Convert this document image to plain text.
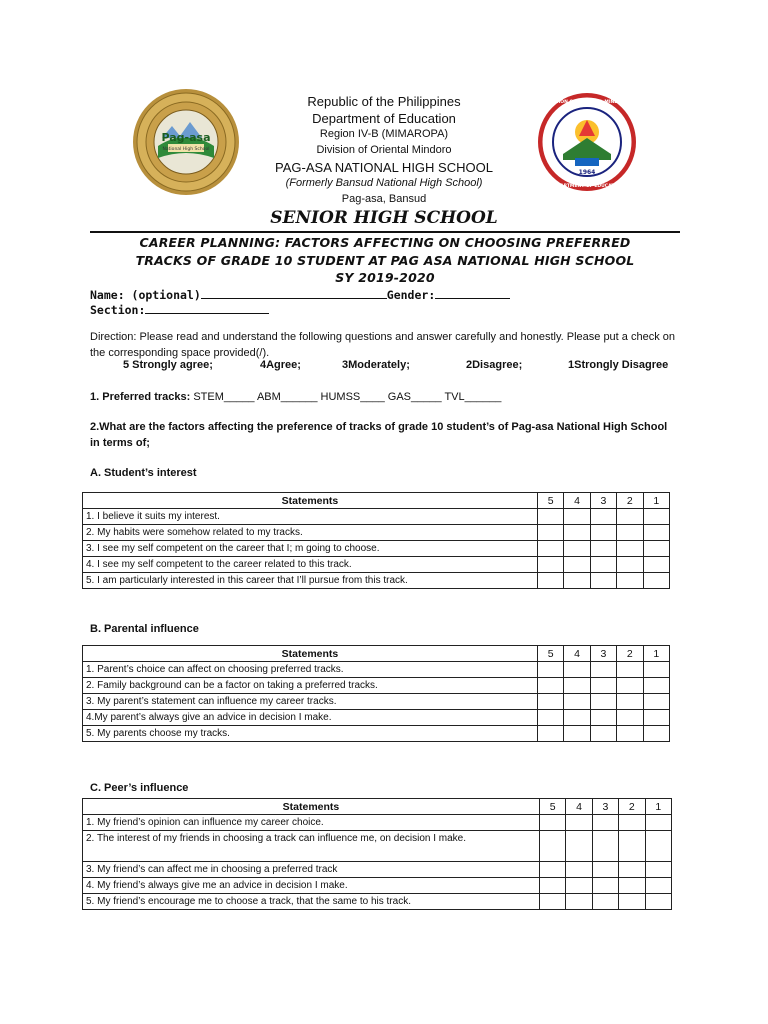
Pag-asa
National High School
1964
DIVISION OF ORIENTAL MINDORO
DEPARTMENT OF EDUCATION
Republic of the Philippines
Department of Education
Region IV-B (MIMAROPA)
Division of Oriental Mindoro
PAG-ASA NATIONAL HIGH SCHOOL
(Formerly Bansud National High School)
Pag-asa, Bansud
SENIOR HIGH SCHOOL
CAREER PLANNING: FACTORS AFFECTING ON CHOOSING PREFERRED
TRACKS OF GRADE 10 STUDENT AT PAG ASA NATIONAL HIGH SCHOOL
SY 2019-2020
Name: (optional)	Gender:
Section:
Direction: Please read and understand the following questions and answer carefully and honestly. Please put a check on the corresponding space provided(/).
5 Strongly agree;	4Agree;	3Moderately;	2Disagree;	1Strongly Disagree
1. Preferred tracks: STEM_____ ABM______ HUMSS____ GAS_____ TVL______
2.What are the factors affecting the preference of tracks of grade 10 student’s of Pag-asa National High School in terms of;
A. Student’s interest
Statements	5	4	3	2	1
1. I believe it suits my interest.					
2. My habits were somehow related to my tracks.					
3. I see my self competent on the career that I; m going to choose.					
4. I see my self competent to the career related to this track.					
5. I am particularly interested in this career that I’ll pursue from this track.					
B. Parental influence
Statements	5	4	3	2	1
1. Parent’s choice can affect on choosing preferred tracks.					
2. Family background can be a factor on taking a preferred tracks.					
3. My parent’s statement can influence my career tracks.					
4.My parent’s always give an advice in decision I make.					
5. My parents choose my tracks.					
C. Peer’s influence
Statements	5	4	3	2	1
1. My friend’s opinion can influence my career choice.					
2. The interest of my friends in choosing a track can influence me, on decision I make.					
3. My friend’s can affect me in choosing a preferred track					
4. My friend’s always give me an advice in decision I make.					
5. My friend’s encourage me to choose a track, that the same to his track.					
